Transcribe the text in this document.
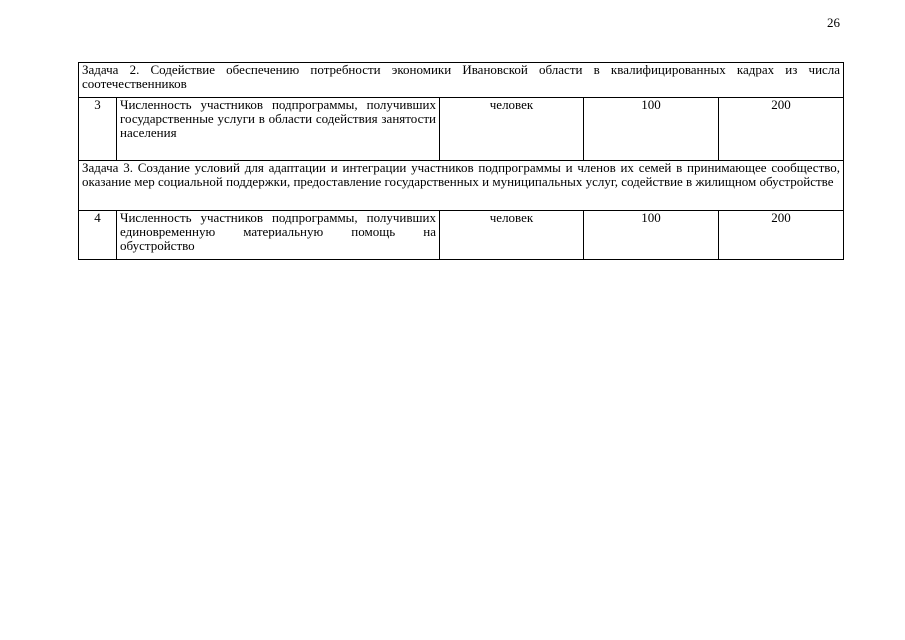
26
Задача 2. Содействие обеспечению потребности экономики Ивановской области в квалифицированных кадрах из числа соотечественников				
3	Численность участников подпрограммы, получивших государственные услуги в области содействия занятости населения	человек	100	200
Задача 3. Создание условий для адаптации и интеграции участников подпрограммы и членов их семей в принимающее сообщество, оказание мер социальной поддержки, предоставление государственных и муниципальных услуг, содействие в жилищном обустройстве				
4	Численность участников подпрограммы, получивших единовременную материальную помощь на обустройство	человек	100	200
